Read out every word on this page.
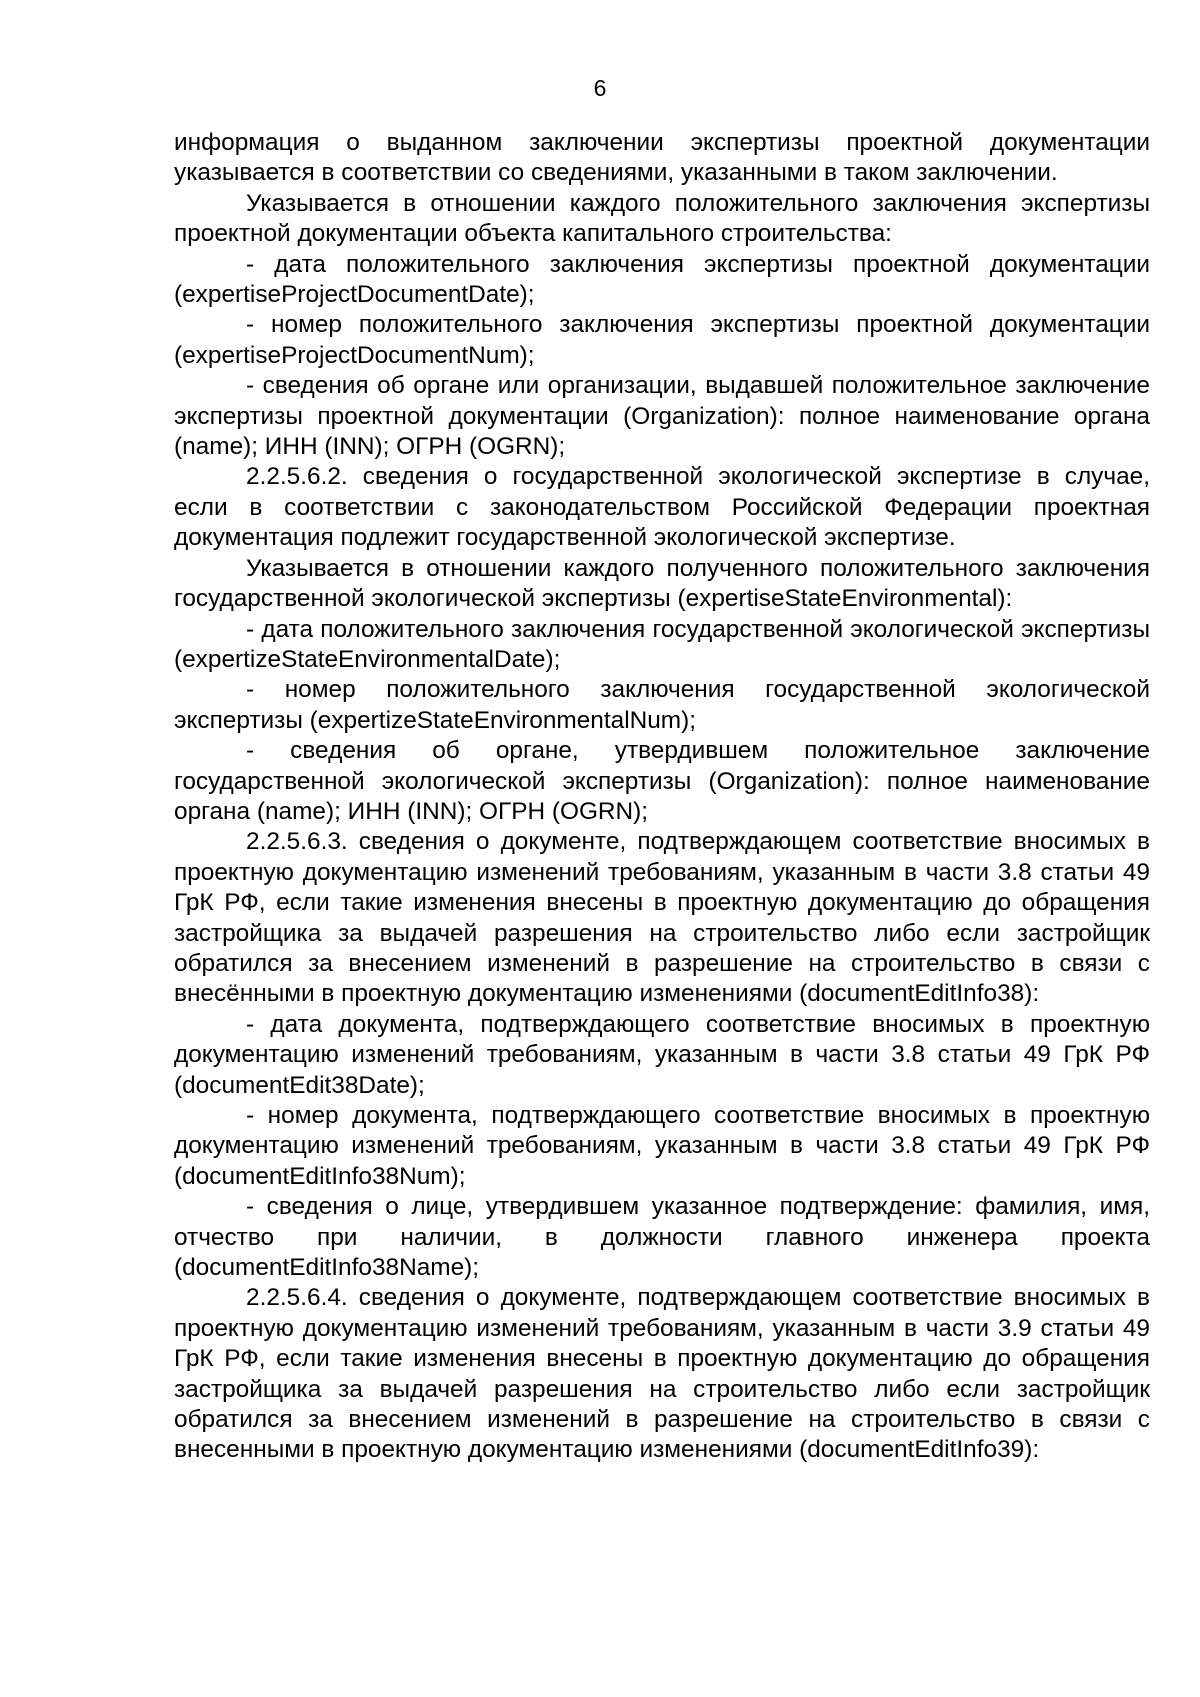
6

информация о выданном заключении экспертизы проектной документации указывается в соответствии со сведениями, указанными в таком заключении.

Указывается в отношении каждого положительного заключения экспертизы проектной документации объекта капитального строительства:

- дата положительного заключения экспертизы проектной документации (expertiseProjectDocumentDate);

- номер положительного заключения экспертизы проектной документации (expertiseProjectDocumentNum);

- сведения об органе или организации, выдавшей положительное заключение экспертизы проектной документации (Organization): полное наименование органа (name); ИНН (INN); ОГРН (OGRN);

2.2.5.6.2. сведения о государственной экологической экспертизе в случае, если в соответствии с законодательством Российской Федерации проектная документация подлежит государственной экологической экспертизе.

Указывается в отношении каждого полученного положительного заключения государственной экологической экспертизы (expertiseStateEnvironmental):

- дата положительного заключения государственной экологической экспертизы (expertizeStateEnvironmentalDate);

- номер положительного заключения государственной экологической экспертизы (expertizeStateEnvironmentalNum);

- сведения об органе, утвердившем положительное заключение государственной экологической экспертизы (Organization): полное наименование органа (name); ИНН (INN); ОГРН (OGRN);

2.2.5.6.3. сведения о документе, подтверждающем соответствие вносимых в проектную документацию изменений требованиям, указанным в части 3.8 статьи 49 ГрК РФ, если такие изменения внесены в проектную документацию до обращения застройщика за выдачей разрешения на строительство либо если застройщик обратился за внесением изменений в разрешение на строительство в связи с внесёнными в проектную документацию изменениями (documentEditInfo38):

- дата документа, подтверждающего соответствие вносимых в проектную документацию изменений требованиям, указанным в части 3.8 статьи 49 ГрК РФ (documentEdit38Date);

- номер документа, подтверждающего соответствие вносимых в проектную документацию изменений требованиям, указанным в части 3.8 статьи 49 ГрК РФ (documentEditInfo38Num);

- сведения о лице, утвердившем указанное подтверждение: фамилия, имя, отчество при наличии, в должности главного инженера проекта (documentEditInfo38Name);

2.2.5.6.4. сведения о документе, подтверждающем соответствие вносимых в проектную документацию изменений требованиям, указанным в части 3.9 статьи 49 ГрК РФ, если такие изменения внесены в проектную документацию до обращения застройщика за выдачей разрешения на строительство либо если застройщик обратился за внесением изменений в разрешение на строительство в связи с внесенными в проектную документацию изменениями (documentEditInfo39):
